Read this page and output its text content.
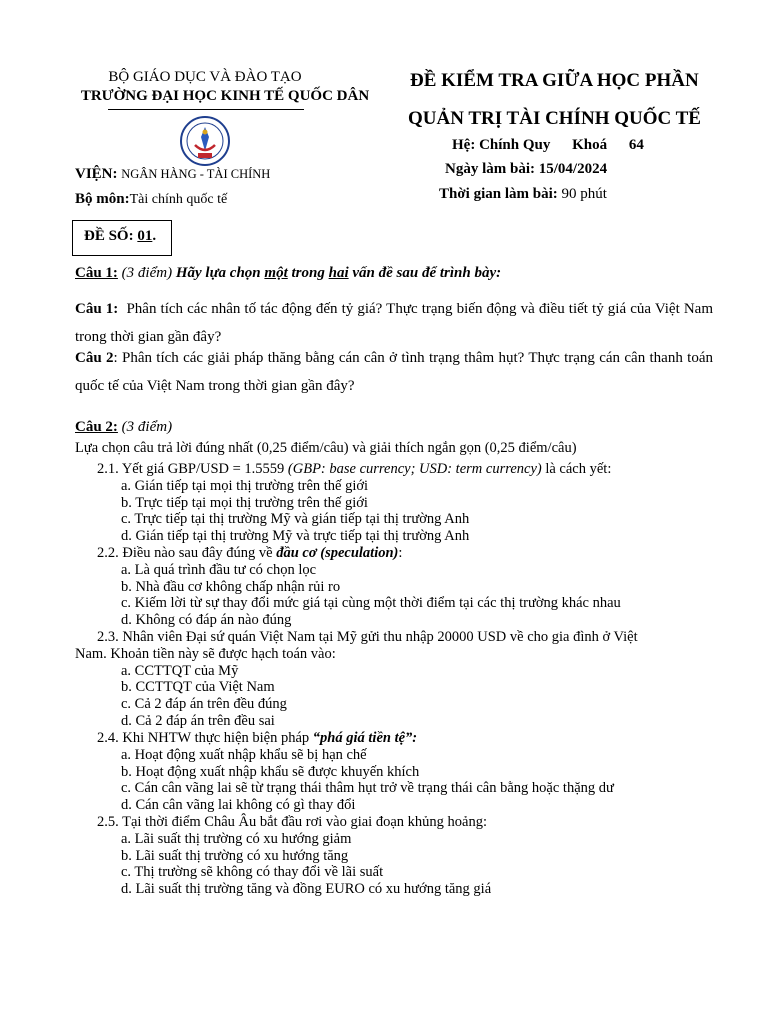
BỘ GIÁO DỤC VÀ ĐÀO TẠO
TRƯỜNG ĐẠI HỌC KINH TẾ QUỐC DÂN
VIỆN: NGÂN HÀNG - TÀI CHÍNH
Bộ môn:Tài chính quốc tế
ĐỀ KIỂM TRA GIỮA HỌC PHẦN
QUẢN TRỊ TÀI CHÍNH QUỐC TẾ
Hệ: Chính Quy Khoá 64
Ngày làm bài: 15/04/2024
Thời gian làm bài: 90 phút
ĐỀ SỐ: 01.
Câu 1: (3 điểm) Hãy lựa chọn một trong hai vấn đề sau để trình bày:
Câu 1: Phân tích các nhân tố tác động đến tỷ giá? Thực trạng biến động và điều tiết tỷ giá của Việt Nam trong thời gian gần đây?
Câu 2: Phân tích các giải pháp thăng bằng cán cân ở tình trạng thâm hụt? Thực trạng cán cân thanh toán quốc tế của Việt Nam trong thời gian gần đây?
Câu 2: (3 điểm)
Lựa chọn câu trả lời đúng nhất (0,25 điểm/câu) và giải thích ngắn gọn (0,25 điểm/câu)
2.1. Yết giá GBP/USD = 1.5559 (GBP: base currency; USD: term currency) là cách yết:
a. Gián tiếp tại mọi thị trường trên thế giới
b. Trực tiếp tại mọi thị trường trên thế giới
c. Trực tiếp tại thị trường Mỹ và gián tiếp tại thị trường Anh
d. Gián tiếp tại thị trường Mỹ và trực tiếp tại thị trường Anh
2.2. Điều nào sau đây đúng về đầu cơ (speculation):
a. Là quá trình đầu tư có chọn lọc
b. Nhà đầu cơ không chấp nhận rủi ro
c. Kiếm lời từ sự thay đổi mức giá tại cùng một thời điểm tại các thị trường khác nhau
d. Không có đáp án nào đúng
2.3. Nhân viên Đại sứ quán Việt Nam tại Mỹ gửi thu nhập 20000 USD về cho gia đình ở Việt
Nam. Khoản tiền này sẽ được hạch toán vào:
a. CCTTQT của Mỹ
b. CCTTQT của Việt Nam
c. Cả 2 đáp án trên đều đúng
d. Cả 2 đáp án trên đều sai
2.4. Khi NHTW thực hiện biện pháp “phá giá tiền tệ”:
a. Hoạt động xuất nhập khẩu sẽ bị hạn chế
b. Hoạt động xuất nhập khẩu sẽ được khuyến khích
c. Cán cân vãng lai sẽ từ trạng thái thâm hụt trở về trạng thái cân bằng hoặc thặng dư
d. Cán cân vãng lai không có gì thay đổi
2.5. Tại thời điểm Châu Âu bắt đầu rơi vào giai đoạn khủng hoảng:
a. Lãi suất thị trường có xu hướng giảm
b. Lãi suất thị trường có xu hướng tăng
c. Thị trường sẽ không có thay đổi về lãi suất
d. Lãi suất thị trường tăng và đồng EURO có xu hướng tăng giá
